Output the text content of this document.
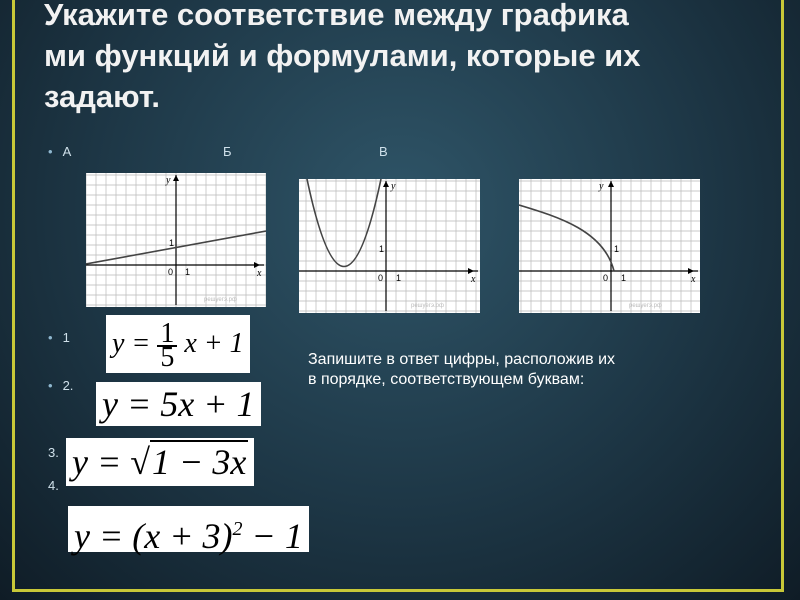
Укажите соответствие между графика
ми функций и формулами, которые их
задают.
• А	Б	В
x
y
0 1
1
решуегэ.рф
x
y
0 1
1
решуегэ.рф
x
y
0 1
1
решуегэ.рф
• 1
• 2.
3.
4.
$y = \frac{1}{5}$ x + 1
y = 5x + 1
y = √1 − 3x
$y = (x + 3)^2 - 1$
Запишите в ответ цифры, расположив их
в порядке, соответствующем буквам:
